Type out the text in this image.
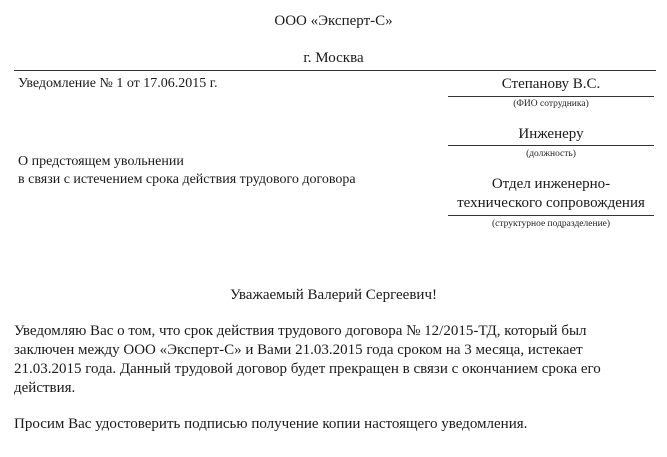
ООО «Эксперт-С»
г. Москва
Уведомление № 1 от 17.06.2015 г.	Степанову В.С.
(ФИО сотрудника)
Инженеру
(должность)
Отдел инженерно-
технического сопровождения
(структурное подразделение)
О предстоящем увольнении
в связи с истечением срока действия трудового договора
Уважаемый Валерий Сергеевич!
Уведомляю Вас о том, что срок действия трудового договора № 12/2015-ТД, который был
заключен между ООО «Эксперт-С» и Вами 21.03.2015 года сроком на 3 месяца, истекает
21.03.2015 года. Данный трудовой договор будет прекращен в связи с окончанием срока его
действия.
Просим Вас удостоверить подписью получение копии настоящего уведомления.
